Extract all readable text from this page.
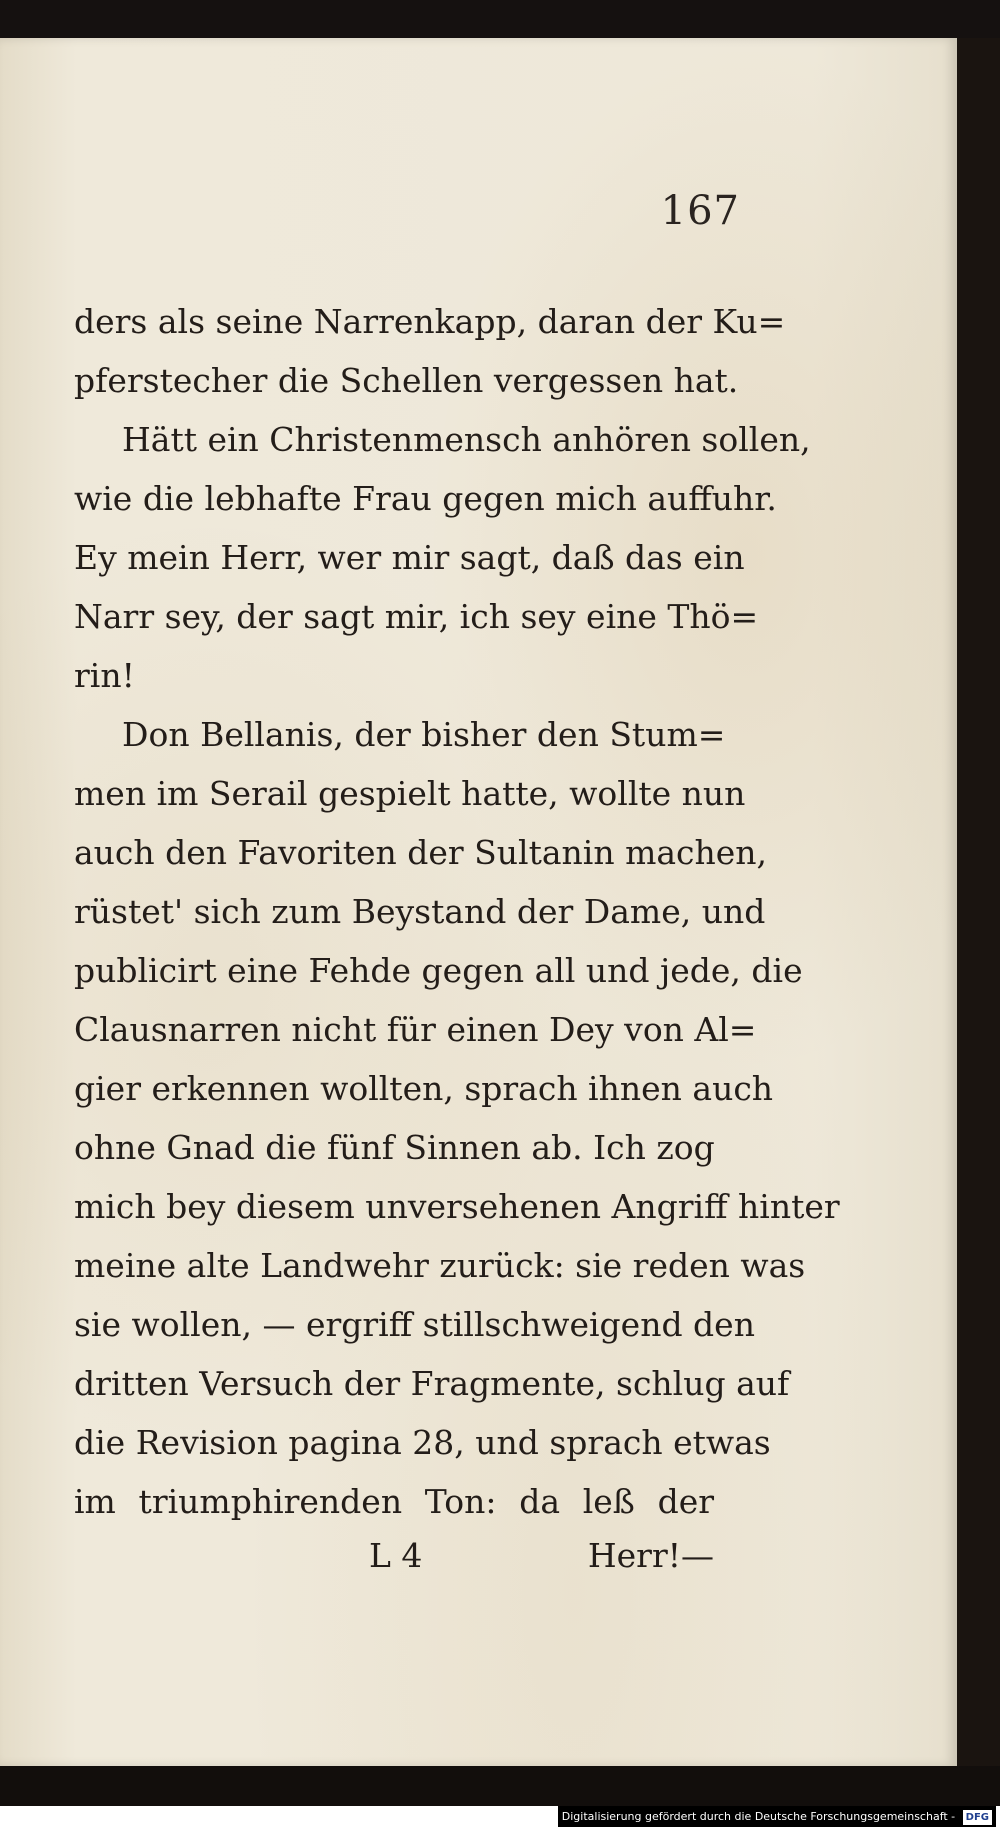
167
ders als seine Narrenkapp, daran der Ku=
pferstecher die Schellen vergessen hat.
Hätt ein Christenmensch anhören sollen,
wie die lebhafte Frau gegen mich auffuhr.
Ey mein Herr, wer mir sagt, daß das ein
Narr sey, der sagt mir, ich sey eine Thö=
rin!
Don Bellanis, der bisher den Stum=
men im Serail gespielt hatte, wollte nun
auch den Favoriten der Sultanin machen,
rüstet' sich zum Beystand der Dame, und
publicirt eine Fehde gegen all und jede, die
Clausnarren nicht für einen Dey von Al=
gier erkennen wollten, sprach ihnen auch
ohne Gnad die fünf Sinnen ab. Ich zog
mich bey diesem unversehenen Angriff hinter
meine alte Landwehr zurück: sie reden was
sie wollen, — ergriff stillschweigend den
dritten Versuch der Fragmente, schlug auf
die Revision pagina 28, und sprach etwas
im triumphirenden Ton: da leß der
L 4	Herr!—
Digitalisierung gefördert durch die Deutsche Forschungsgemeinschaft - DFG
